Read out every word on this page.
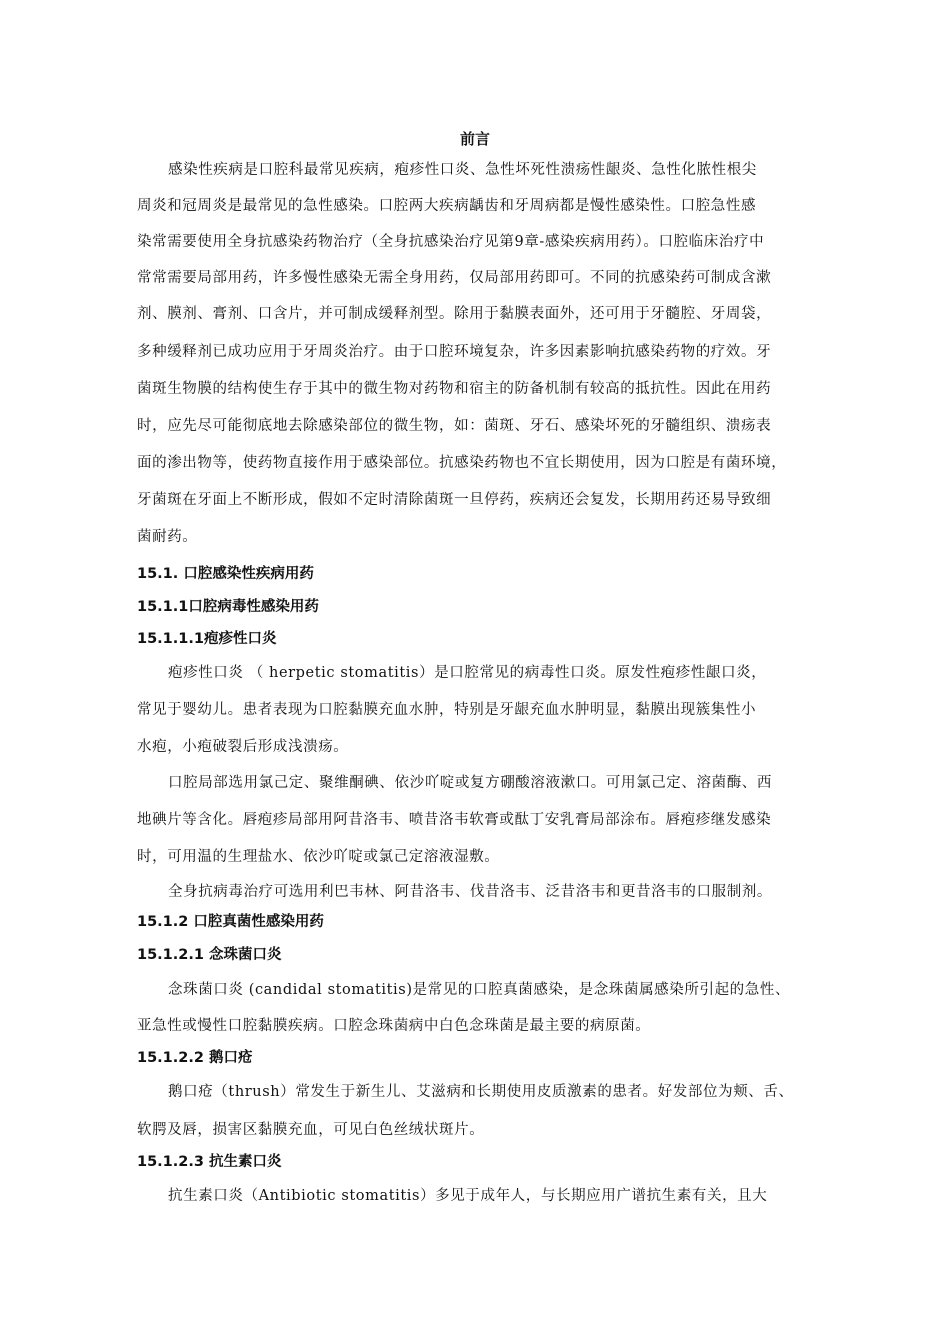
前言
感染性疾病是口腔科最常见疾病，疱疹性口炎、急性坏死性溃疡性龈炎、急性化脓性根尖
周炎和冠周炎是最常见的急性感染。口腔两大疾病龋齿和牙周病都是慢性感染性。口腔急性感
染常需要使用全身抗感染药物治疗（全身抗感染治疗见第9章-感染疾病用药）。口腔临床治疗中
常常需要局部用药，许多慢性感染无需全身用药，仅局部用药即可。不同的抗感染药可制成含漱
剂、膜剂、膏剂、口含片，并可制成缓释剂型。除用于黏膜表面外，还可用于牙髓腔、牙周袋，
多种缓释剂已成功应用于牙周炎治疗。由于口腔环境复杂，许多因素影响抗感染药物的疗效。牙
菌斑生物膜的结构使生存于其中的微生物对药物和宿主的防备机制有较高的抵抗性。因此在用药
时，应先尽可能彻底地去除感染部位的微生物，如：菌斑、牙石、感染坏死的牙髓组织、溃疡表
面的渗出物等，使药物直接作用于感染部位。抗感染药物也不宜长期使用，因为口腔是有菌环境，
牙菌斑在牙面上不断形成，假如不定时清除菌斑一旦停药，疾病还会复发，长期用药还易导致细
菌耐药。
15.1. 口腔感染性疾病用药
15.1.1口腔病毒性感染用药
15.1.1.1疱疹性口炎
疱疹性口炎 （ herpetic stomatitis）是口腔常见的病毒性口炎。原发性疱疹性龈口炎，
常见于婴幼儿。患者表现为口腔黏膜充血水肿，特别是牙龈充血水肿明显，黏膜出现簇集性小
水疱，小疱破裂后形成浅溃疡。
口腔局部选用氯己定、聚维酮碘、依沙吖啶或复方硼酸溶液漱口。可用氯己定、溶菌酶、西
地碘片等含化。唇疱疹局部用阿昔洛韦、喷昔洛韦软膏或酞丁安乳膏局部涂布。唇疱疹继发感染
时，可用温的生理盐水、依沙吖啶或氯己定溶液湿敷。
全身抗病毒治疗可选用利巴韦林、阿昔洛韦、伐昔洛韦、泛昔洛韦和更昔洛韦的口服制剂。
15.1.2 口腔真菌性感染用药
15.1.2.1 念珠菌口炎
念珠菌口炎 (candidal stomatitis)是常见的口腔真菌感染，是念珠菌属感染所引起的急性、
亚急性或慢性口腔黏膜疾病。口腔念珠菌病中白色念珠菌是最主要的病原菌。
15.1.2.2 鹅口疮
鹅口疮（thrush）常发生于新生儿、艾滋病和长期使用皮质激素的患者。好发部位为颊、舌、
软腭及唇，损害区黏膜充血，可见白色丝绒状斑片。
15.1.2.3 抗生素口炎
抗生素口炎（Antibiotic stomatitis）多见于成年人，与长期应用广谱抗生素有关，且大
